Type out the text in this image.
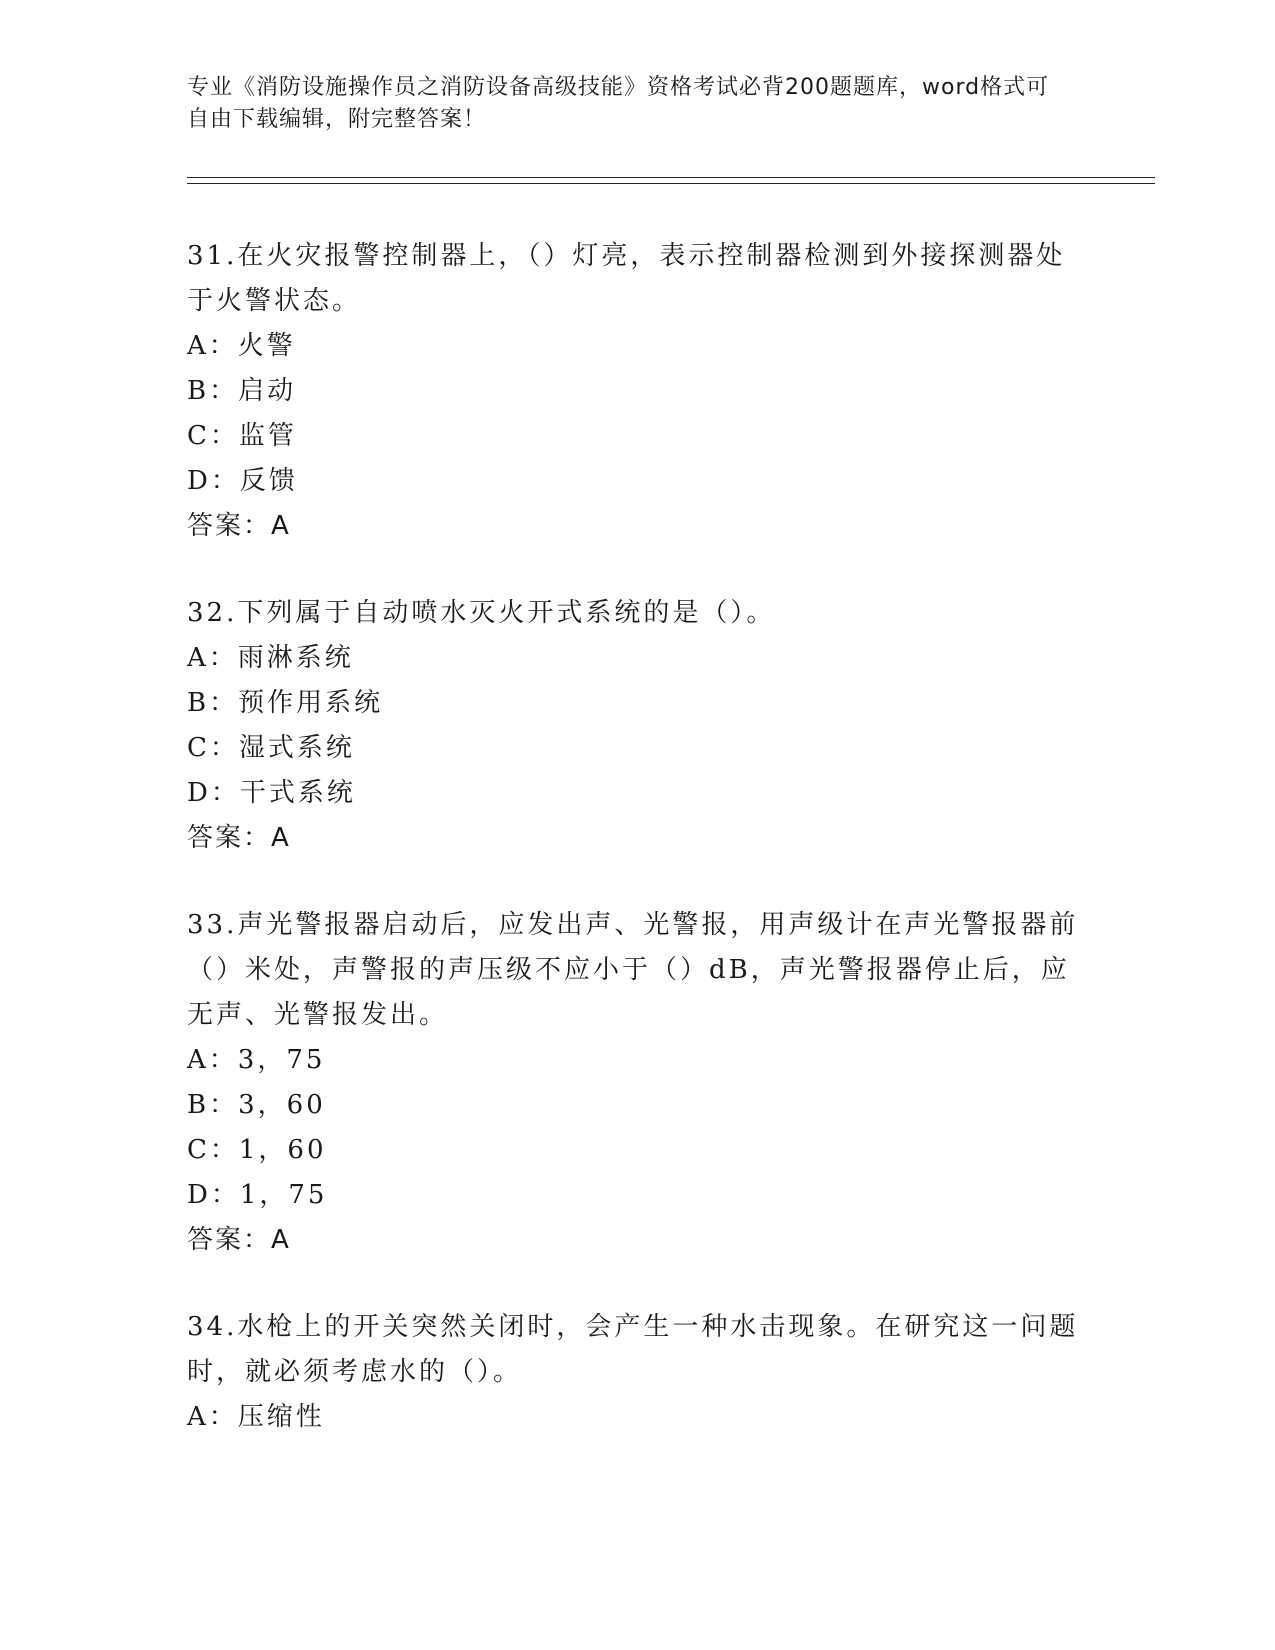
专业《消防设施操作员之消防设备高级技能》资格考试必背200题题库，word格式可自由下载编辑，附完整答案！
31.在火灾报警控制器上，（）灯亮，表示控制器检测到外接探测器处于火警状态。
A：火警
B：启动
C：监管
D：反馈
答案：A
32.下列属于自动喷水灭火开式系统的是（）。
A：雨淋系统
B：预作用系统
C：湿式系统
D：干式系统
答案：A
33.声光警报器启动后，应发出声、光警报，用声级计在声光警报器前（）米处，声警报的声压级不应小于（）dB，声光警报器停止后，应无声、光警报发出。
A：3，75
B：3，60
C：1，60
D：1，75
答案：A
34.水枪上的开关突然关闭时，会产生一种水击现象。在研究这一问题时，就必须考虑水的（）。
A：压缩性
